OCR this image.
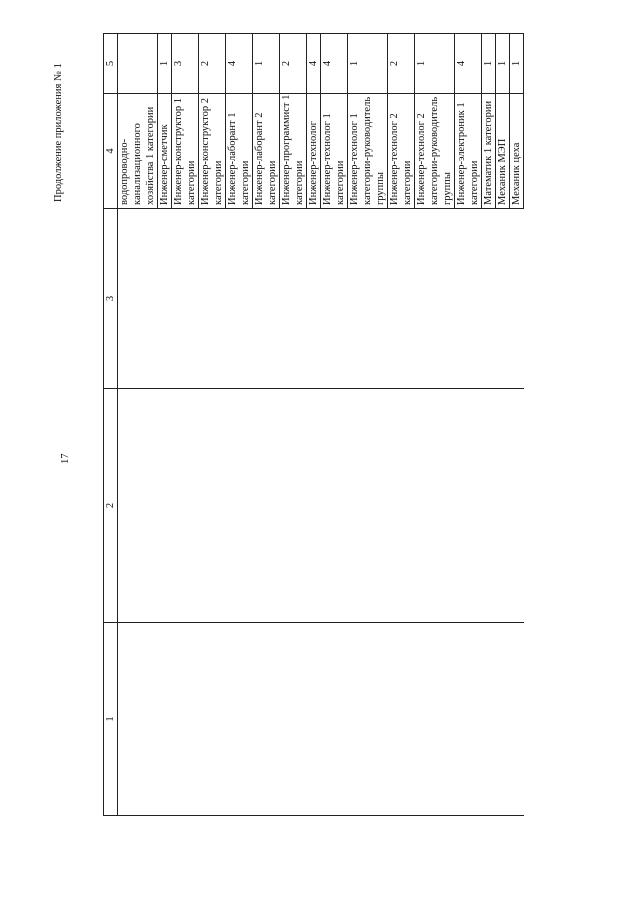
Продолжение приложения № 1
17
1	2	3	4	5

			водопроводно- канализационного хозяйства 1 категории	

			Инженер-сметчик	1

			Инженер-конструктор 1 категории	3

			Инженер-конструктор 2 категории	2

			Инженер-лаборант 1 категории	4

			Инженер-лаборант 2 категории	1

			Инженер-программист 1 категории	2

			Инженер-технолог	4

			Инженер-технолог 1 категории	4

			Инженер-технолог 1 категории-руководитель группы	1

			Инженер-технолог 2 категории	2

			Инженер-технолог 2 категории-руководитель группы	1

			Инженер-электроник 1 категории	4

			Математик 1 категории	1

			Механик МЭП	1

			Механик цеха	1
